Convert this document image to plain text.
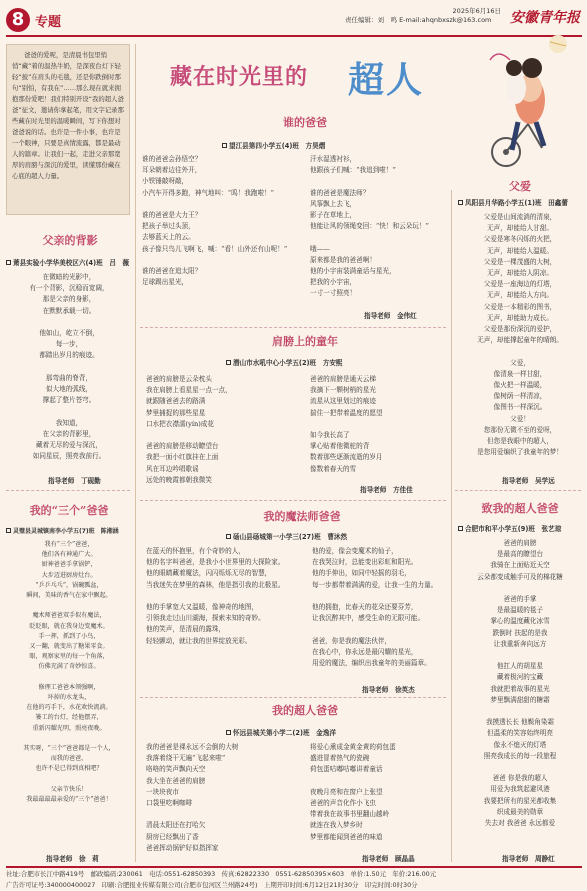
8 专题
2025年6月16日
责任编辑：刘　鸣 E-mail:ahqnbxszk@163.com	安徽青年报
爸爸的爱呢，是清晨书包里悄悄“藏”着的温热牛奶，是深夜台灯下轻轻“披”在肩头的毛毯，还是你跌倒时那句“别怕，有我在”……那么现在就来拥抱那份爱吧！我们特别开设“我的超人爸爸”征文，邀请你拿起笔，用文字记录那些藏在时光里的温暖瞬间，写下你想对爸爸说的话。也许是一件小事，也许是一个眼神，只要是真情流露，都是最动人的篇章。让我们一起，走进父亲那宽厚的肩膀与深沉的爱里，读懂那份藏在心底的超人力量。
藏在时光里的 超人
谁的爸爸
望江县第四小学五(4)班　方昊熠
谁的爸爸会孙悟空？
耳朵朝着边往外开，
小铁锤敲呀敲，
小汽车开得多跑，神气地叫：“呜！我跑啦！”

谁的爸爸是大力王？
把孩子举过头顶，
去够蓝天上的云。
孩子像只鸟儿飞啊飞，喊：“看！山外还有山呢！”

谁的爸爸在追太阳？
足球踢出星光，
汗水湿透衬衫，
他跟孩子们喊：“我追到啦！”

谁的爸爸是魔法师？
风筝飘上去飞，
影子在草地上，
他能让风的领绳变回：“快！和云朵玩！”

哦——
原来都是我的爸爸啊！
他的小宇宙装满童话与星光，
把我的小宇宙，
一寸一寸照亮！
指导老师　金伟红
父爱
凤阳县月华路小学五(1)班　田鑫蕾
父爱是山间流淌的清泉，
无声，却能给人甘甜。
父爱是寒冬闪烁的火把，
无声，却能给人温暖。
父爱是一棵茂盛的大树，
无声，却能给人阴凉。
父爱是一座海边的灯塔，
无声，却能给人方向。
父爱是一本精彩的图书，
无声，却能助力成长。
父爱是那份深沉的爱护，
无声，却能撑起童年的晴朗。

父爱，
像清泉一样甘甜，
像火把一样温暖，
像树荫一样清凉，
像图书一样深沉。
父爱！
您那份无微不至的爱呀，
但您是我眼中的超人，
是您用爱编织了我童年的梦！
指导老师　吴学远
父亲的背影
萧县实验小学华美校区六(4)班　吕　薇
在微暗的光影中，
有一个背影，沉稳而宽阔，
那是父亲的身影，
在默默承载一切。

他如山，屹立不倒，
每一步，
都踏出岁月的痕迹。

那弯曲的脊背，
似大地的弧线，
撑起了整片苍穹。

我知道，
在父亲的背影里，
藏着无尽的爱与深沉，
如同星辰，照亮我前行。
指导老师　丁砚勤
肩膀上的童年
潜山市水吼中心小学五(2)班　方安熙
爸爸的肩膀是云朵枕头
我在肩膀上看星星一点一点，
就跟随爸爸去的路满
梦里捕捉的那些星星
口水把衣襟濡(yín)成花

爸爸的肩膀是移动瞭望台
我把一面小红旗挂在上面
风在耳边吟唱歌谣
远处的晚霞都朝我微笑
爸爸的肩膀是通天云梯
我摘下一颗树梢的星光
流星从这里划过的痕迹
揣住一把带着温度的愿望

如今我长高了
掌心贴着他微驼的背
数着那些逐渐流逝的岁月
像数着春天的雪
指导老师　方佳佳
我的“三个”爸爸
灵璧县灵城镇南李小学五(7)班　陈湘涵
我有“三个”爸爸，
他们各有神通广大。
厨神爸爸手拿锅铲，
大步迈进厨房灶台。
“乒乒乓乓”，锅碗瓢盆，
瞬间，美味的香气在家中飘起。

魔术师爸爸双手似有魔法，
眨眨眼，就在我身边变魔术。
手一挥，抓到了小鸟，
又一翻，就变出了糖果零食。
眼，观察家里的每一个角落，
仿佛充满了奇妙惊喜。

修理工爸爸本领强啊，
坏掉的水龙头，
在他的巧手下，水花欢快流淌。
篓工的台灯，经他摆弄，
重新闪耀光明，照亮夜晚。

其实呀，“三个”爸爸都是一个人，
而我的爸爸，
也许不是已得到真相吧？

父亲节快乐！
我最最最最亲爱的“三个”爸爸！
指导老师　徐　莉
我的魔法师爸爸
砀山县砀城第一小学三(27)班　曹沐然
在蓝天的怀抱里，有个奇妙的人，
他的名字叫爸爸，是我小小世界里的大探险家。
他的眼睛藏着魔法，闪闪烁烁无尽的智慧，
当我迷失在梦里的森林，他是指引我的北极星。

他的手掌宽大又温暖，像神奇的地图，
引领我走过山川湖海，探索未知的奇妙。
他的笑声，是清晨的露珠，
轻轻颤动，就让我的世界绽放光彩。
他的爱，像会变魔术的仙子，
在我哭泣时，总能变出彩虹和阳光。
他的手伸出，如同中轻摇的羽毛，
每一步都带着满满的爱，让我一生的力量。

他的拥抱，比春天的花朵还要芬芳，
让我沉醉其中，感受生命的无限可能。

爸爸，你是我的魔法伙伴，
在我心中，你永远是最闪耀的星光，
用爱的魔法，编织出我童年的美丽篇章。
指导老师　徐英杰
致我的超人爸爸
合肥市和平小学五(9)班　张艺琼
爸爸的肩膀
是最高的瞭望台
我骑在上面贴近天空
云朵都变成触手可及的棉花糖

爸爸的手掌
是最温暖的毯子
掌心的温度藏化冰雪
跌倒时 扶起的是我
让我重新奔向远方

他扛人的胡星星
藏着极河的宝藏
我就把着故事的星光
梦里飘满甜甜的糖霜

我摸透长长 他鬓角染霜
但温柔的笑容始终明亮
像永不熄灭的灯塔
照亮我成长的每一段旅程

爸爸 你是我的超人
用爱为我筑起避风港
我要把所有的星光都收集
织成最美的勋章
失去对 我爸爸 永远都爱
指导老师　周静红
我的超人爸爸
怀远县城关第小学二(2)班　金逸洋
我的爸爸是裸永远不会倒的大树
我落着绕干无遍“飞起来啦”
咯咯的笑声飘向天空
我大坐在爸爸的肩膀
一块块夜市
口袋里吃啊咖啡

清晨太阳还在打哈欠
厨房已经飘出了香
爸爸挥动锅铲好似指挥家
将爱心熏成金黄金黄的荷包蛋
盛进冒着热气的瓷碗
荷包蛋咕嘟咕嘟讲着童话

夜晚月亮和在窗户上张望
爸爸的声音化作小飞虫
带着我在故事书里翻山越岭
就连在我入梦乡时
梦里都能闻到爸爸的味道
指导老师　顾晶晶
社址:合肥市长江中路419号　邮政编码:230061　电话:0551-62850393　传真:62822330　0551-62850395×603　单价:1.50元　年价:216.00元
广告许可证号:340000400027　印刷:合肥报业传媒有限公司(合肥市包河区兰州路24号)　上期开印时间:6月12日21时30分　印完时间:0时30分
